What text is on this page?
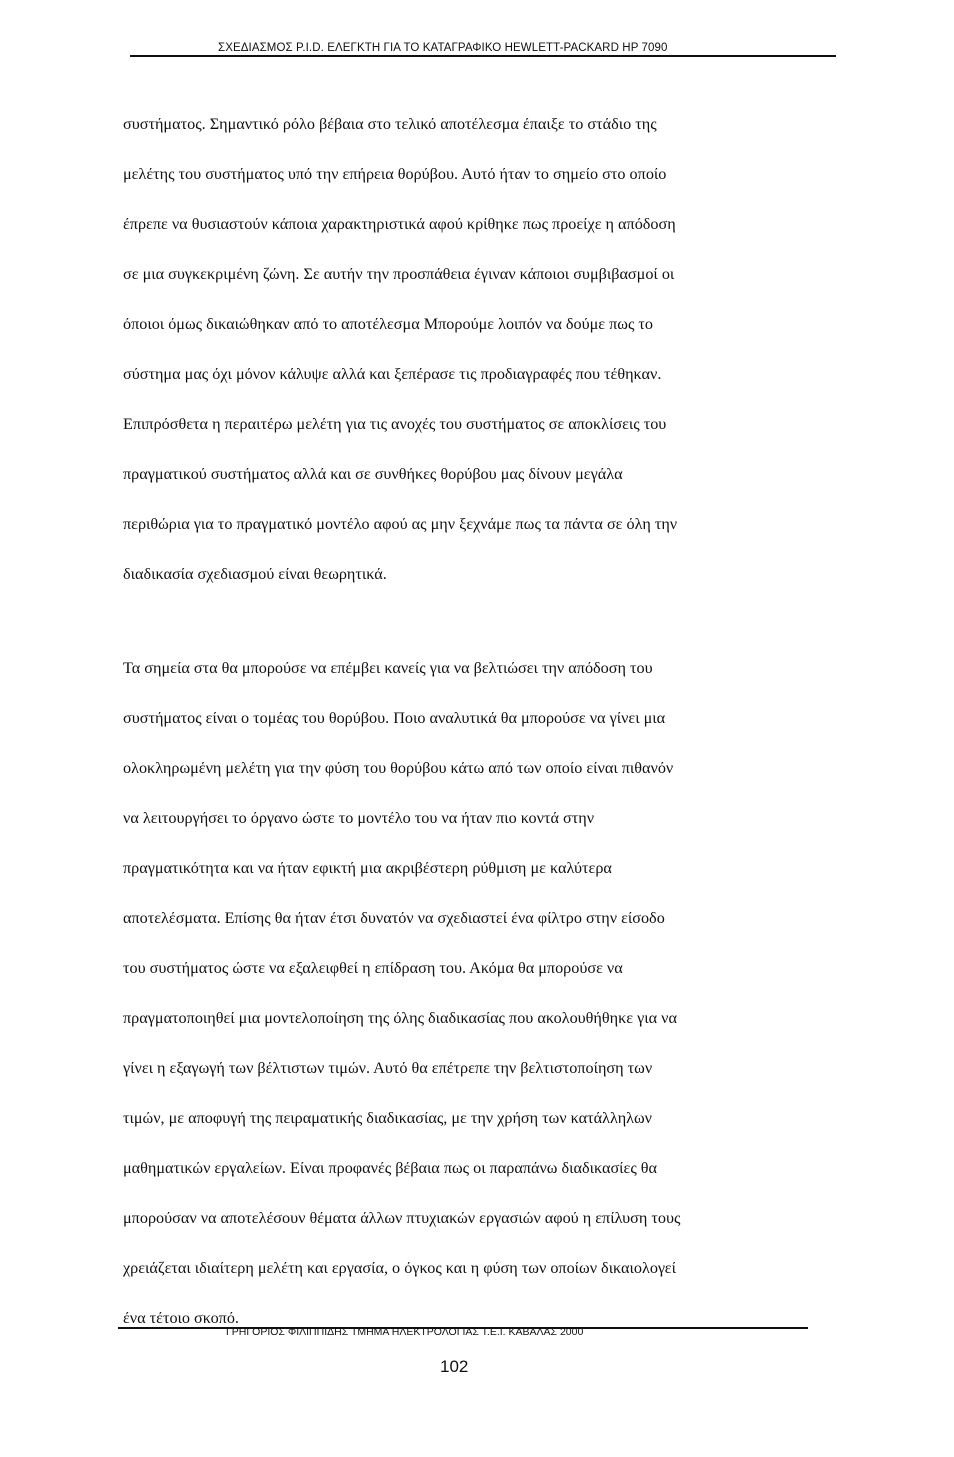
ΣΧΕΔΙΑΣΜΟΣ P.I.D. ΕΛΕΓΚΤΗ ΓΙΑ ΤΟ ΚΑΤΑΓΡΑΦΙΚΟ HEWLETT-PACKARD HP 7090
συστήματος. Σημαντικό ρόλο βέβαια στο τελικό αποτέλεσμα έπαιξε το στάδιο της
μελέτης του συστήματος υπό την επήρεια θορύβου. Αυτό ήταν το σημείο στο οποίο
έπρεπε να θυσιαστούν κάποια χαρακτηριστικά αφού κρίθηκε πως προείχε η απόδοση
σε μια συγκεκριμένη ζώνη. Σε αυτήν την προσπάθεια έγιναν κάποιοι συμβιβασμοί οι
όποιοι όμως δικαιώθηκαν από το αποτέλεσμα Μπορούμε λοιπόν να δούμε πως το
σύστημα μας όχι μόνον κάλυψε αλλά και ξεπέρασε τις προδιαγραφές που τέθηκαν.
Επιπρόσθετα η περαιτέρω μελέτη για τις ανοχές του συστήματος σε αποκλίσεις του
πραγματικού συστήματος αλλά και σε συνθήκες θορύβου μας δίνουν μεγάλα
περιθώρια για το πραγματικό μοντέλο αφού ας μην ξεχνάμε πως τα πάντα σε όλη την
διαδικασία σχεδιασμού είναι θεωρητικά.
Τα σημεία στα θα μπορούσε να επέμβει κανείς για να βελτιώσει την απόδοση του
συστήματος είναι ο τομέας του θορύβου. Ποιο αναλυτικά θα μπορούσε να γίνει μια
ολοκληρωμένη μελέτη για την φύση του θορύβου κάτω από των οποίο είναι πιθανόν
να λειτουργήσει το όργανο ώστε το μοντέλο του να ήταν πιο κοντά στην
πραγματικότητα και να ήταν εφικτή μια ακριβέστερη ρύθμιση με καλύτερα
αποτελέσματα. Επίσης θα ήταν έτσι δυνατόν να σχεδιαστεί ένα φίλτρο στην είσοδο
του συστήματος ώστε να εξαλειφθεί η επίδραση του. Ακόμα θα μπορούσε να
πραγματοποιηθεί μια μοντελοποίηση της όλης διαδικασίας που ακολουθήθηκε για να
γίνει η εξαγωγή των βέλτιστων τιμών. Αυτό θα επέτρεπε την βελτιστοποίηση των
τιμών, με αποφυγή της πειραματικής διαδικασίας, με την χρήση των κατάλληλων
μαθηματικών εργαλείων. Είναι προφανές βέβαια πως οι παραπάνω διαδικασίες θα
μπορούσαν να αποτελέσουν θέματα άλλων πτυχιακών εργασιών αφού η επίλυση τους
χρειάζεται ιδιαίτερη μελέτη και εργασία, ο όγκος και η φύση των οποίων δικαιολογεί
ένα τέτοιο σκοπό.
ΓΡΗΓΟΡΙΟΣ ΦΙΛΙΠΠΙΔΗΣ ΤΜΗΜΑ ΗΛΕΚΤΡΟΛΟΓΙΑΣ Τ.Ε.Ι. ΚΑΒΑΛΑΣ 2000
102
